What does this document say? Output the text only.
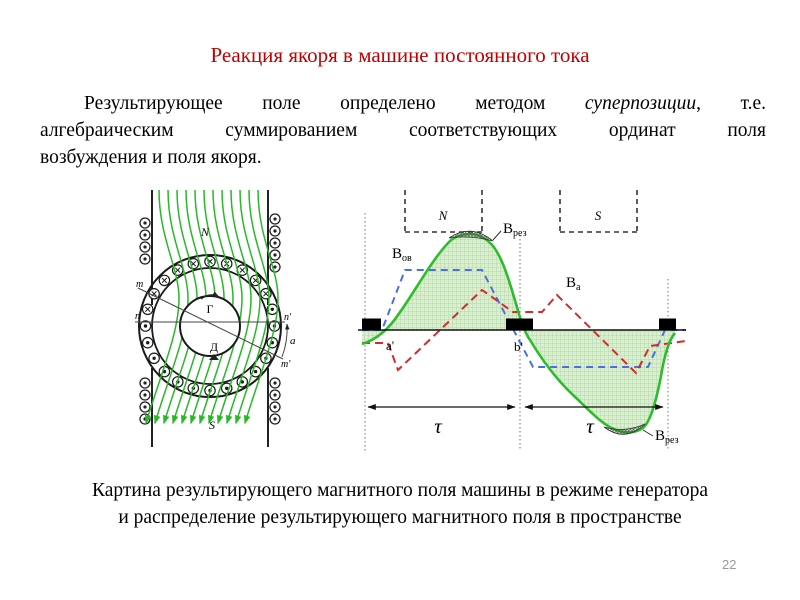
Реакция якоря в машине постоянного тока
Результирующее поле определено методом суперпозиции, т.е.
алгебраическим суммированием соответствующих ординат поля
возбуждения и поля якоря.
N
S
m
n	n'
a
m'
Г
Д
N	S
$В_{ов}$
$В_{рез}$
$В_а$
$В_{рез}$
a'	b'
τ	τ
Картина результирующего магнитного поля машины в режиме генератора и распределение результирующего магнитного поля в пространстве
22
